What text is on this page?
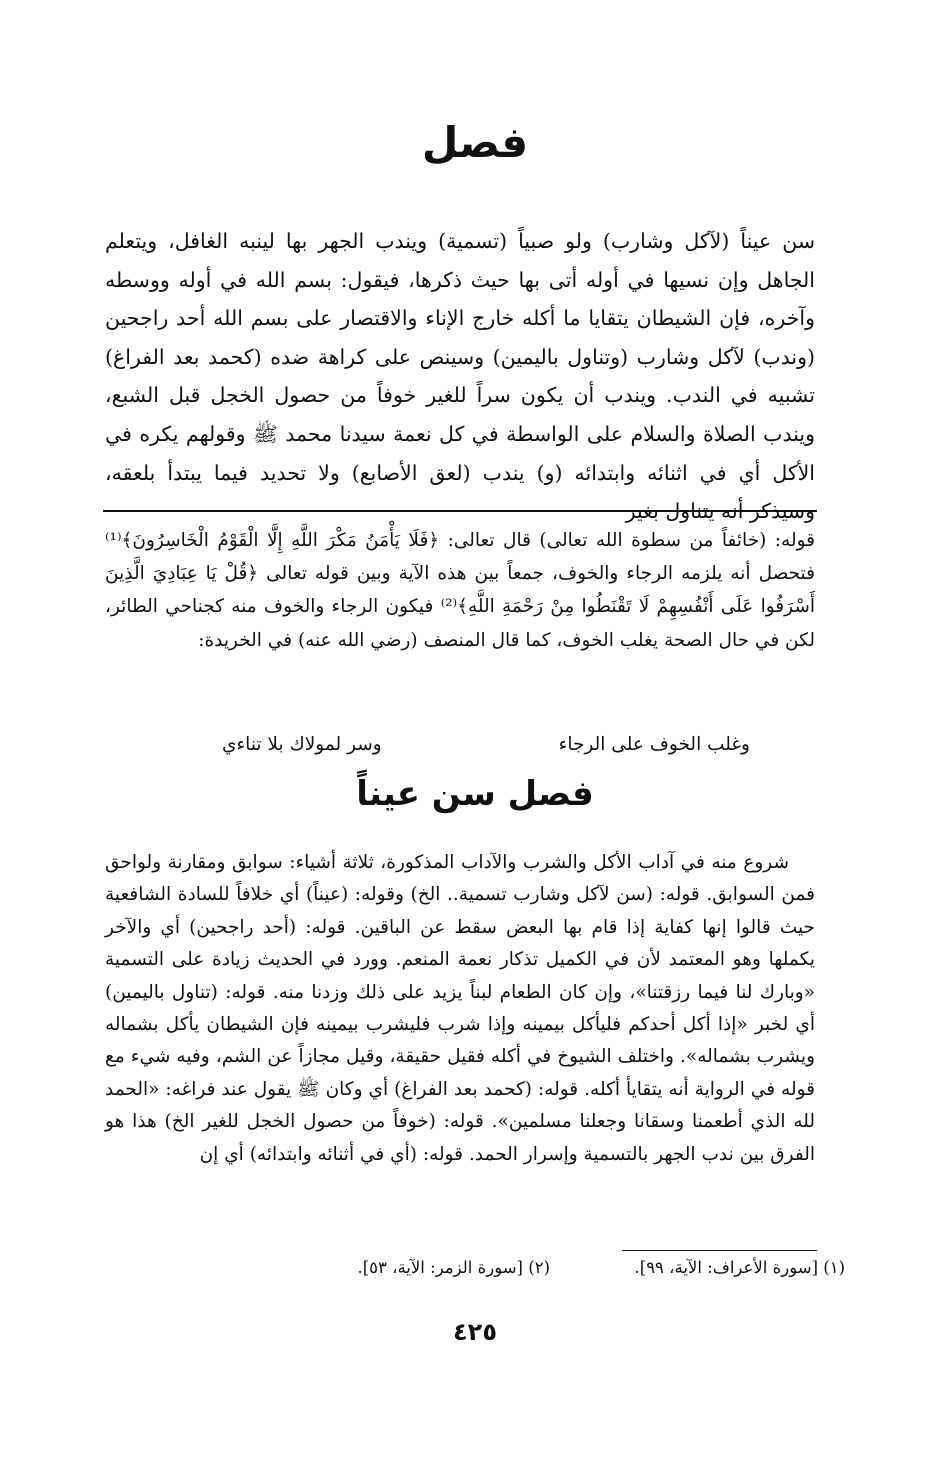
فصل
سن عيناً (لآكل وشارب) ولو صبياً (تسمية) ويندب الجهر بها لينبه الغافل، ويتعلم الجاهل وإن نسيها في أوله أتى بها حيث ذكرها، فيقول: بسم الله في أوله ووسطه وآخره، فإن الشيطان يتقايا ما أكله خارج الإناء والاقتصار على بسم الله أحد راجحين (وندب) لآكل وشارب (وتناول باليمين) وسينص على كراهة ضده (كحمد بعد الفراغ) تشبيه في الندب. ويندب أن يكون سراً للغير خوفاً من حصول الخجل قبل الشبع، ويندب الصلاة والسلام على الواسطة في كل نعمة سيدنا محمد ﷺ وقولهم يكره في الأكل أي في اثنائه وابتدائه (و) يندب (لعق الأصابع) ولا تحديد فيما يبتدأ بلعقه، وسيذكر أنه يتناول بغير
قوله: (خائفاً من سطوة الله تعالى) قال تعالى: ﴿فَلَا يَأْمَنُ مَكْرَ اللَّهِ إِلَّا الْقَوْمُ الْخَاسِرُونَ﴾⁽¹⁾ فتحصل أنه يلزمه الرجاء والخوف، جمعاً بين هذه الآية وبين قوله تعالى ﴿قُلْ يَا عِبَادِيَ الَّذِينَ أَسْرَفُوا عَلَى أَنْفُسِهِمْ لَا تَقْنَطُوا مِنْ رَحْمَةِ اللَّهِ﴾⁽²⁾ فيكون الرجاء والخوف منه كجناحي الطائر، لكن في حال الصحة يغلب الخوف، كما قال المنصف (رضي الله عنه) في الخريدة:
وغلب الخوف على الرجاء
وسر لمولاك بلا تناءي
فصل سن عيناً

شروع منه في آداب الأكل والشرب والآداب المذكورة، ثلاثة أشياء: سوابق ومقارنة ولواحق فمن السوابق. قوله: (سن لآكل وشارب تسمية.. الخ) وقوله: (عيناً) أي خلافاً للسادة الشافعية حيث قالوا إنها كفاية إذا قام بها البعض سقط عن الباقين. قوله: (أحد راجحين) أي والآخر يكملها وهو المعتمد لأن في الكميل تذكار نعمة المنعم. وورد في الحديث زيادة على التسمية «وبارك لنا فيما رزقتنا»، وإن كان الطعام لبناً يزيد على ذلك وزدنا منه. قوله: (تناول باليمين) أي لخبر «إذا أكل أحدكم فليأكل بيمينه وإذا شرب فليشرب بيمينه فإن الشيطان يأكل بشماله ويشرب بشماله». واختلف الشيوخ في أكله فقيل حقيقة، وقيل مجازاً عن الشم، وفيه شيء مع قوله في الرواية أنه يتقايأ أكله. قوله: (كحمد بعد الفراغ) أي وكان ﷺ يقول عند فراغه: «الحمد لله الذي أطعمنا وسقانا وجعلنا مسلمين». قوله: (خوفاً من حصول الخجل للغير الخ) هذا هو الفرق بين ندب الجهر بالتسمية وإسرار الحمد. قوله: (أي في أثنائه وابتدائه) أي إن

(١) [سورة الأعراف: الآية، ٩٩].
(٢) [سورة الزمر: الآية، ٥٣].
٤٢٥
